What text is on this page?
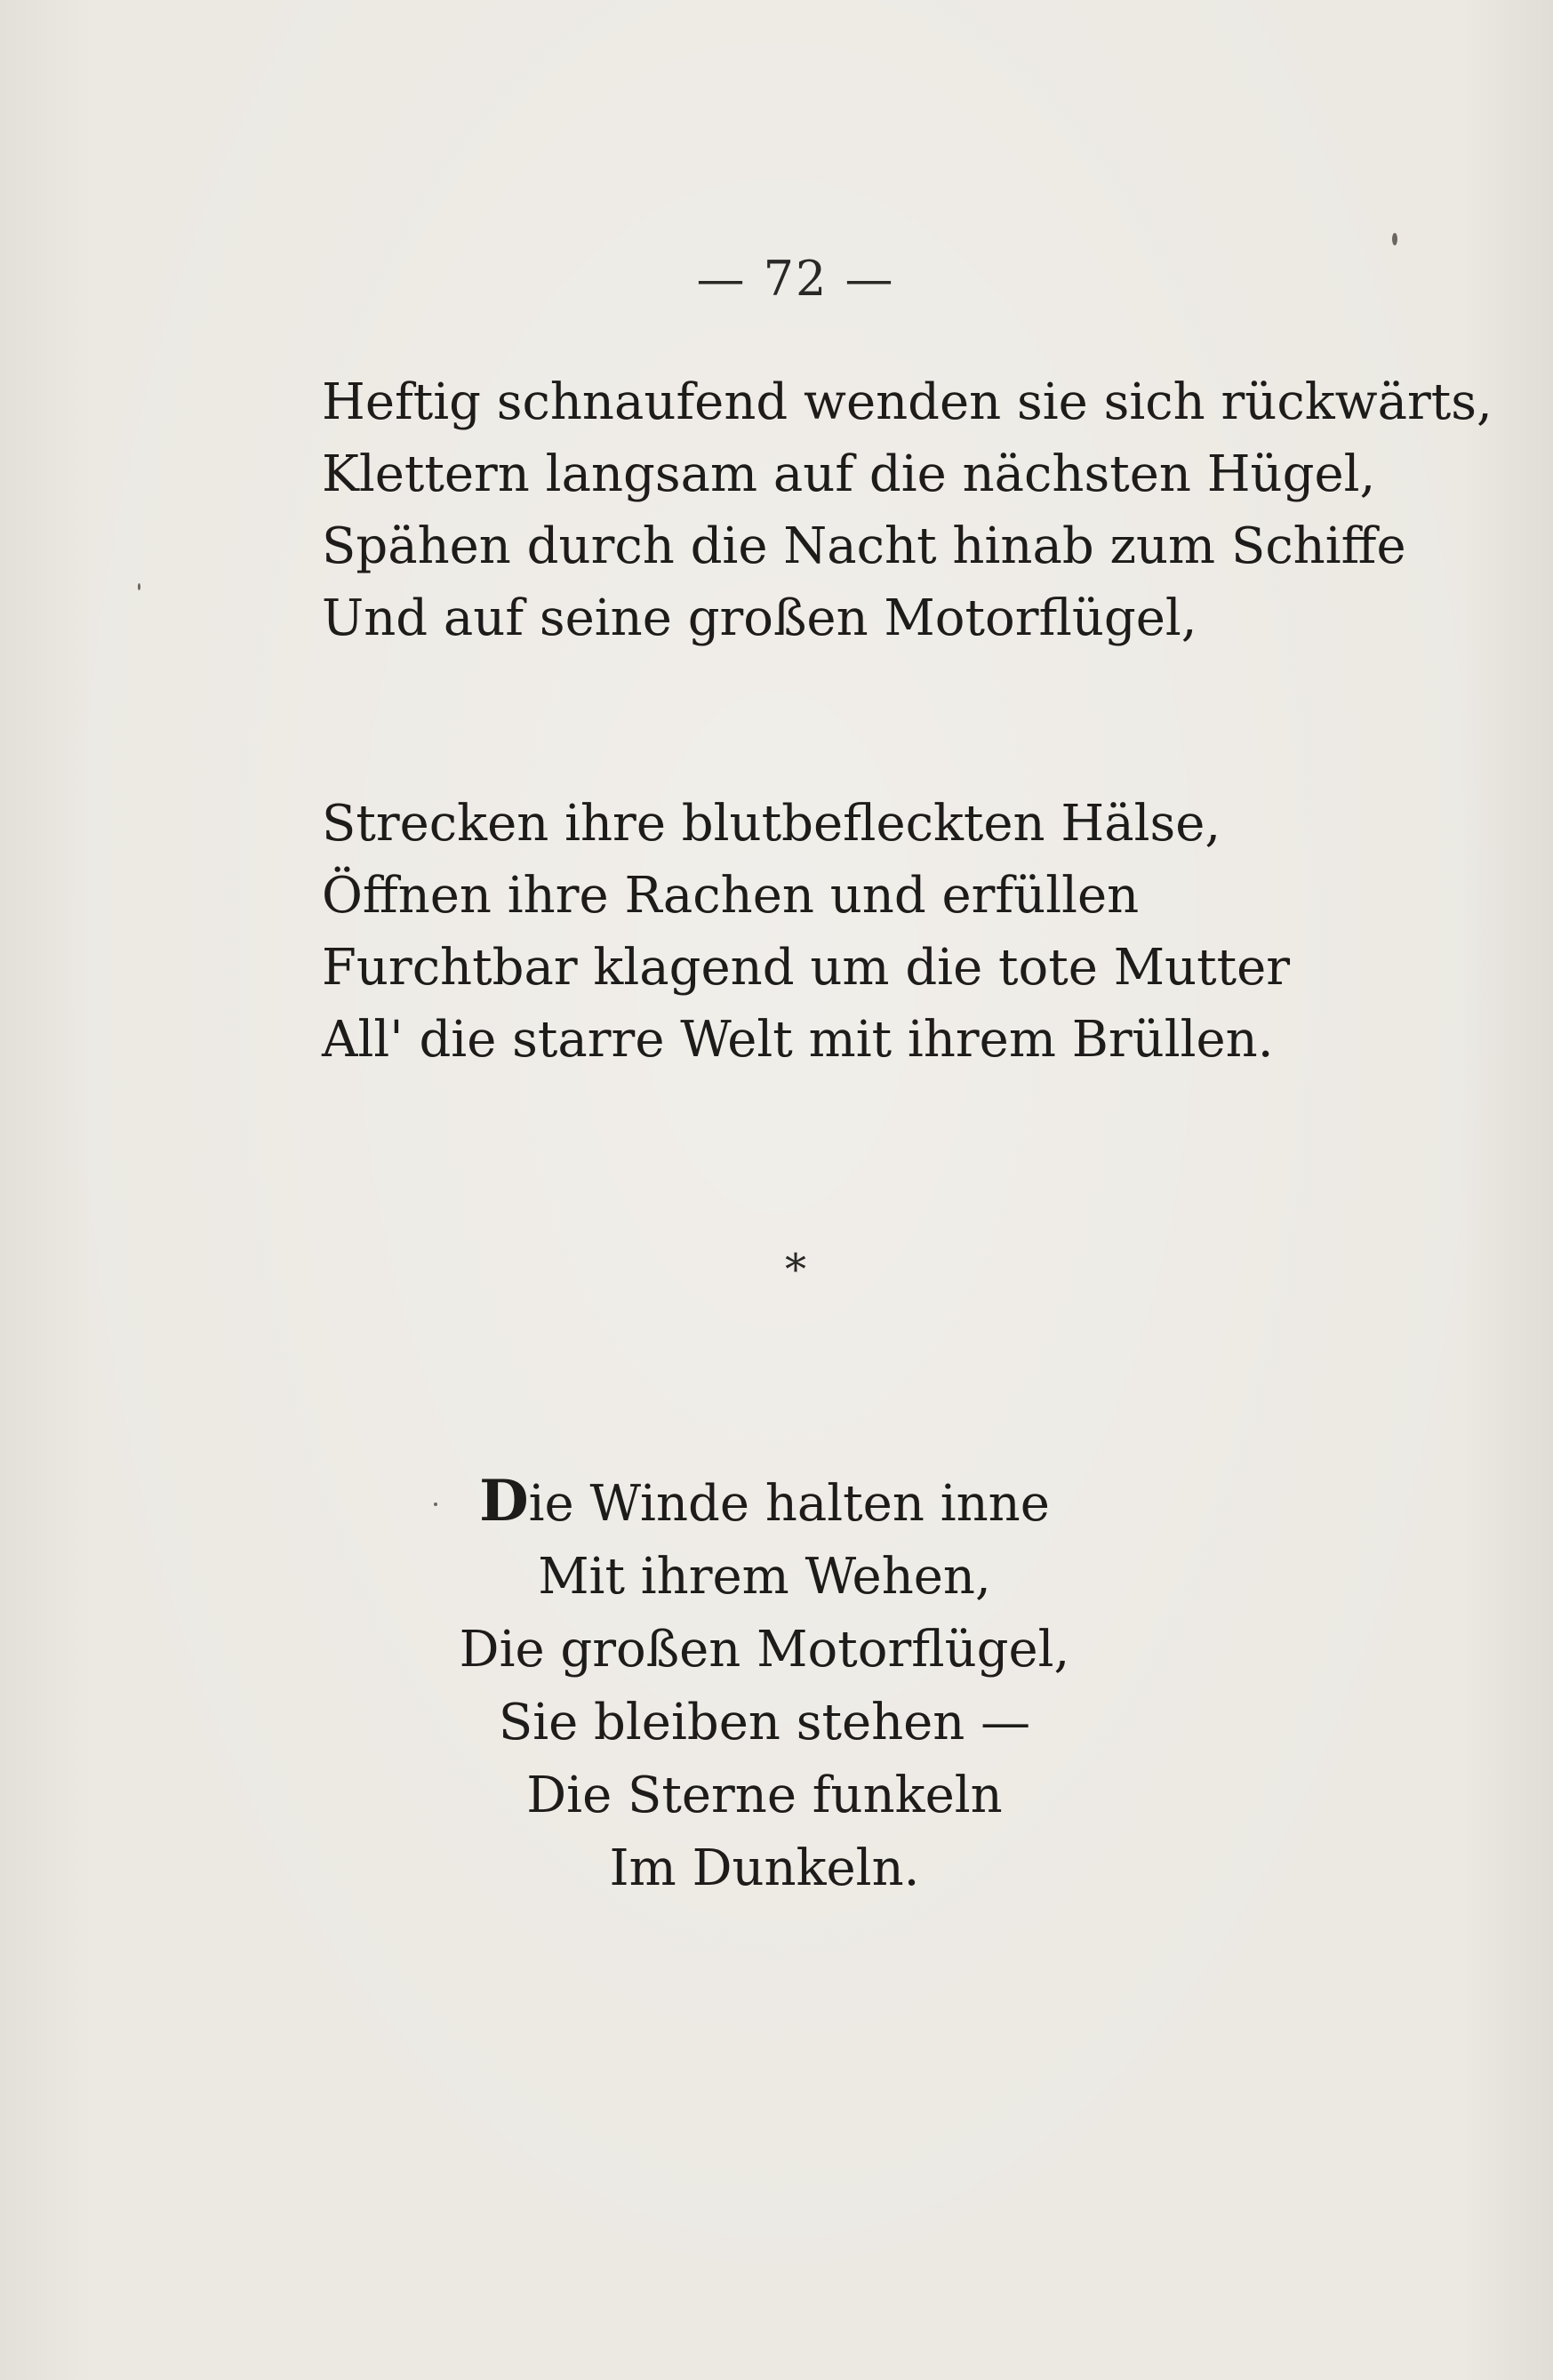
— 72 —
Heftig schnaufend wenden sie sich rückwärts,
Klettern langsam auf die nächsten Hügel,
Spähen durch die Nacht hinab zum Schiffe
Und auf seine großen Motorflügel,
Strecken ihre blutbefleckten Hälse,
Öffnen ihre Rachen und erfüllen
Furchtbar klagend um die tote Mutter
All' die starre Welt mit ihrem Brüllen.
*
Die Winde halten inne
Mit ihrem Wehen,
Die großen Motorflügel,
Sie bleiben stehen —
Die Sterne funkeln
Im Dunkeln.
